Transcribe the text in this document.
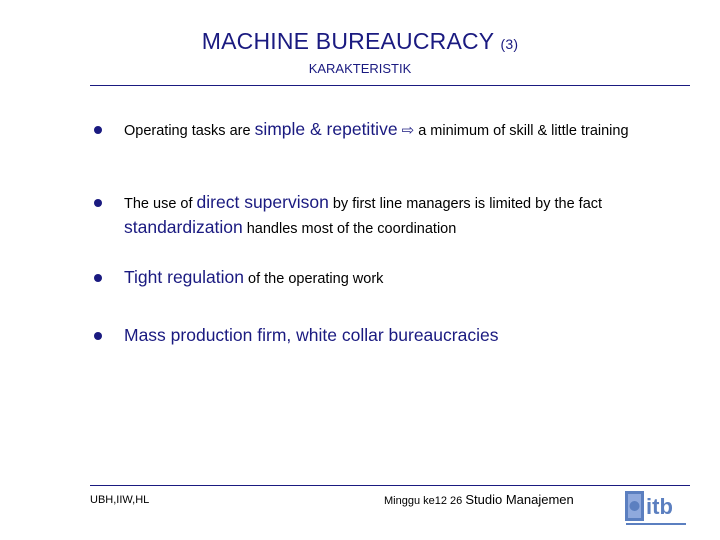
MACHINE BUREAUCRACY (3)
KARAKTERISTIK
Operating tasks are simple & repetitive ⇨ a minimum of skill & little training
The use of direct supervison by first line managers is limited by the fact standardization handles most of the coordination
Tight regulation of the operating work
Mass production firm, white collar bureaucracies
UBH,IIW,HL	Minggu ke12 26 Studio Manajemen	itb
